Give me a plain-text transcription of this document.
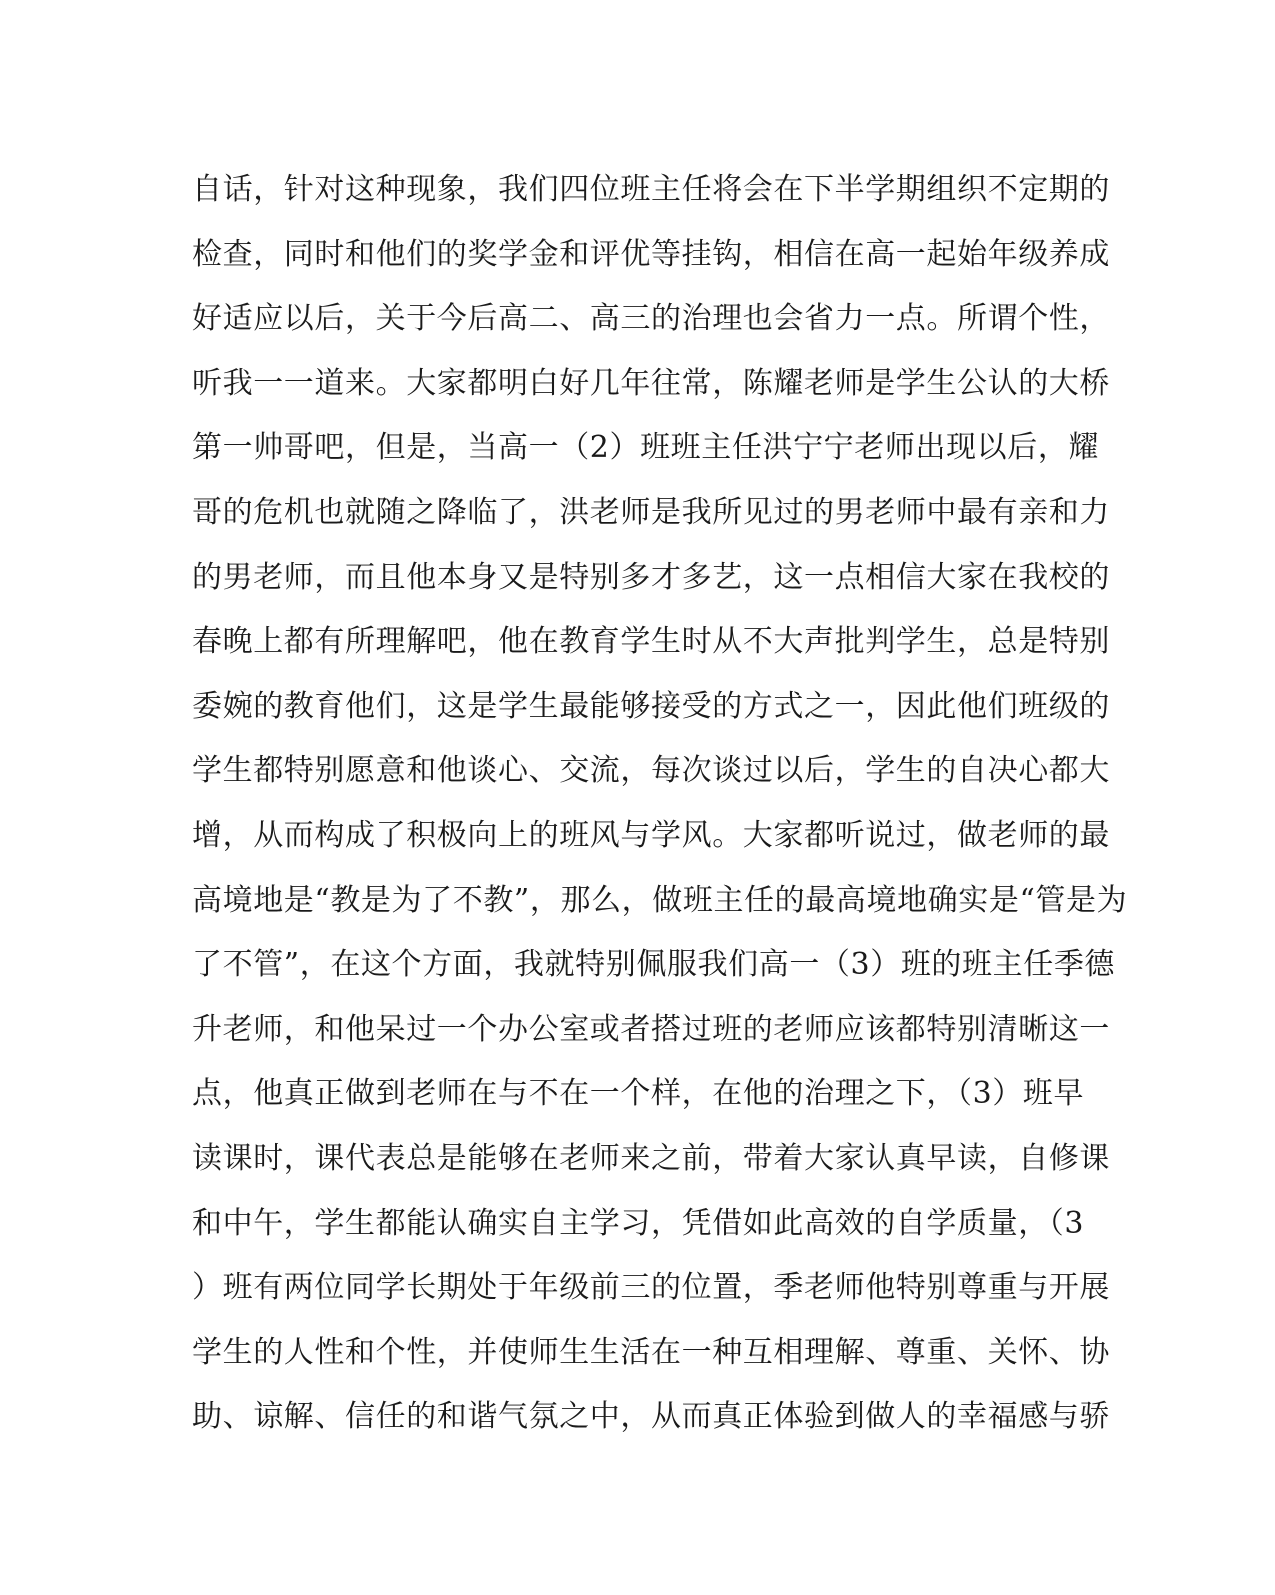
自话，针对这种现象，我们四位班主任将会在下半学期组织不定期的
检查，同时和他们的奖学金和评优等挂钩，相信在高一起始年级养成
好适应以后，关于今后高二、高三的治理也会省力一点。所谓个性，
听我一一道来。大家都明白好几年往常，陈耀老师是学生公认的大桥
第一帅哥吧，但是，当高一（2）班班主任洪宁宁老师出现以后，耀
哥的危机也就随之降临了，洪老师是我所见过的男老师中最有亲和力
的男老师，而且他本身又是特别多才多艺，这一点相信大家在我校的
春晚上都有所理解吧，他在教育学生时从不大声批判学生，总是特别
委婉的教育他们，这是学生最能够接受的方式之一，因此他们班级的
学生都特别愿意和他谈心、交流，每次谈过以后，学生的自决心都大
增，从而构成了积极向上的班风与学风。大家都听说过，做老师的最
高境地是“教是为了不教”，那么，做班主任的最高境地确实是“管是为
了不管”，在这个方面，我就特别佩服我们高一（3）班的班主任季德
升老师，和他呆过一个办公室或者搭过班的老师应该都特别清晰这一
点，他真正做到老师在与不在一个样，在他的治理之下，（3）班早
读课时，课代表总是能够在老师来之前，带着大家认真早读，自修课
和中午，学生都能认确实自主学习，凭借如此高效的自学质量，（3
）班有两位同学长期处于年级前三的位置，季老师他特别尊重与开展
学生的人性和个性，并使师生生活在一种互相理解、尊重、关怀、协
助、谅解、信任的和谐气氛之中，从而真正体验到做人的幸福感与骄
